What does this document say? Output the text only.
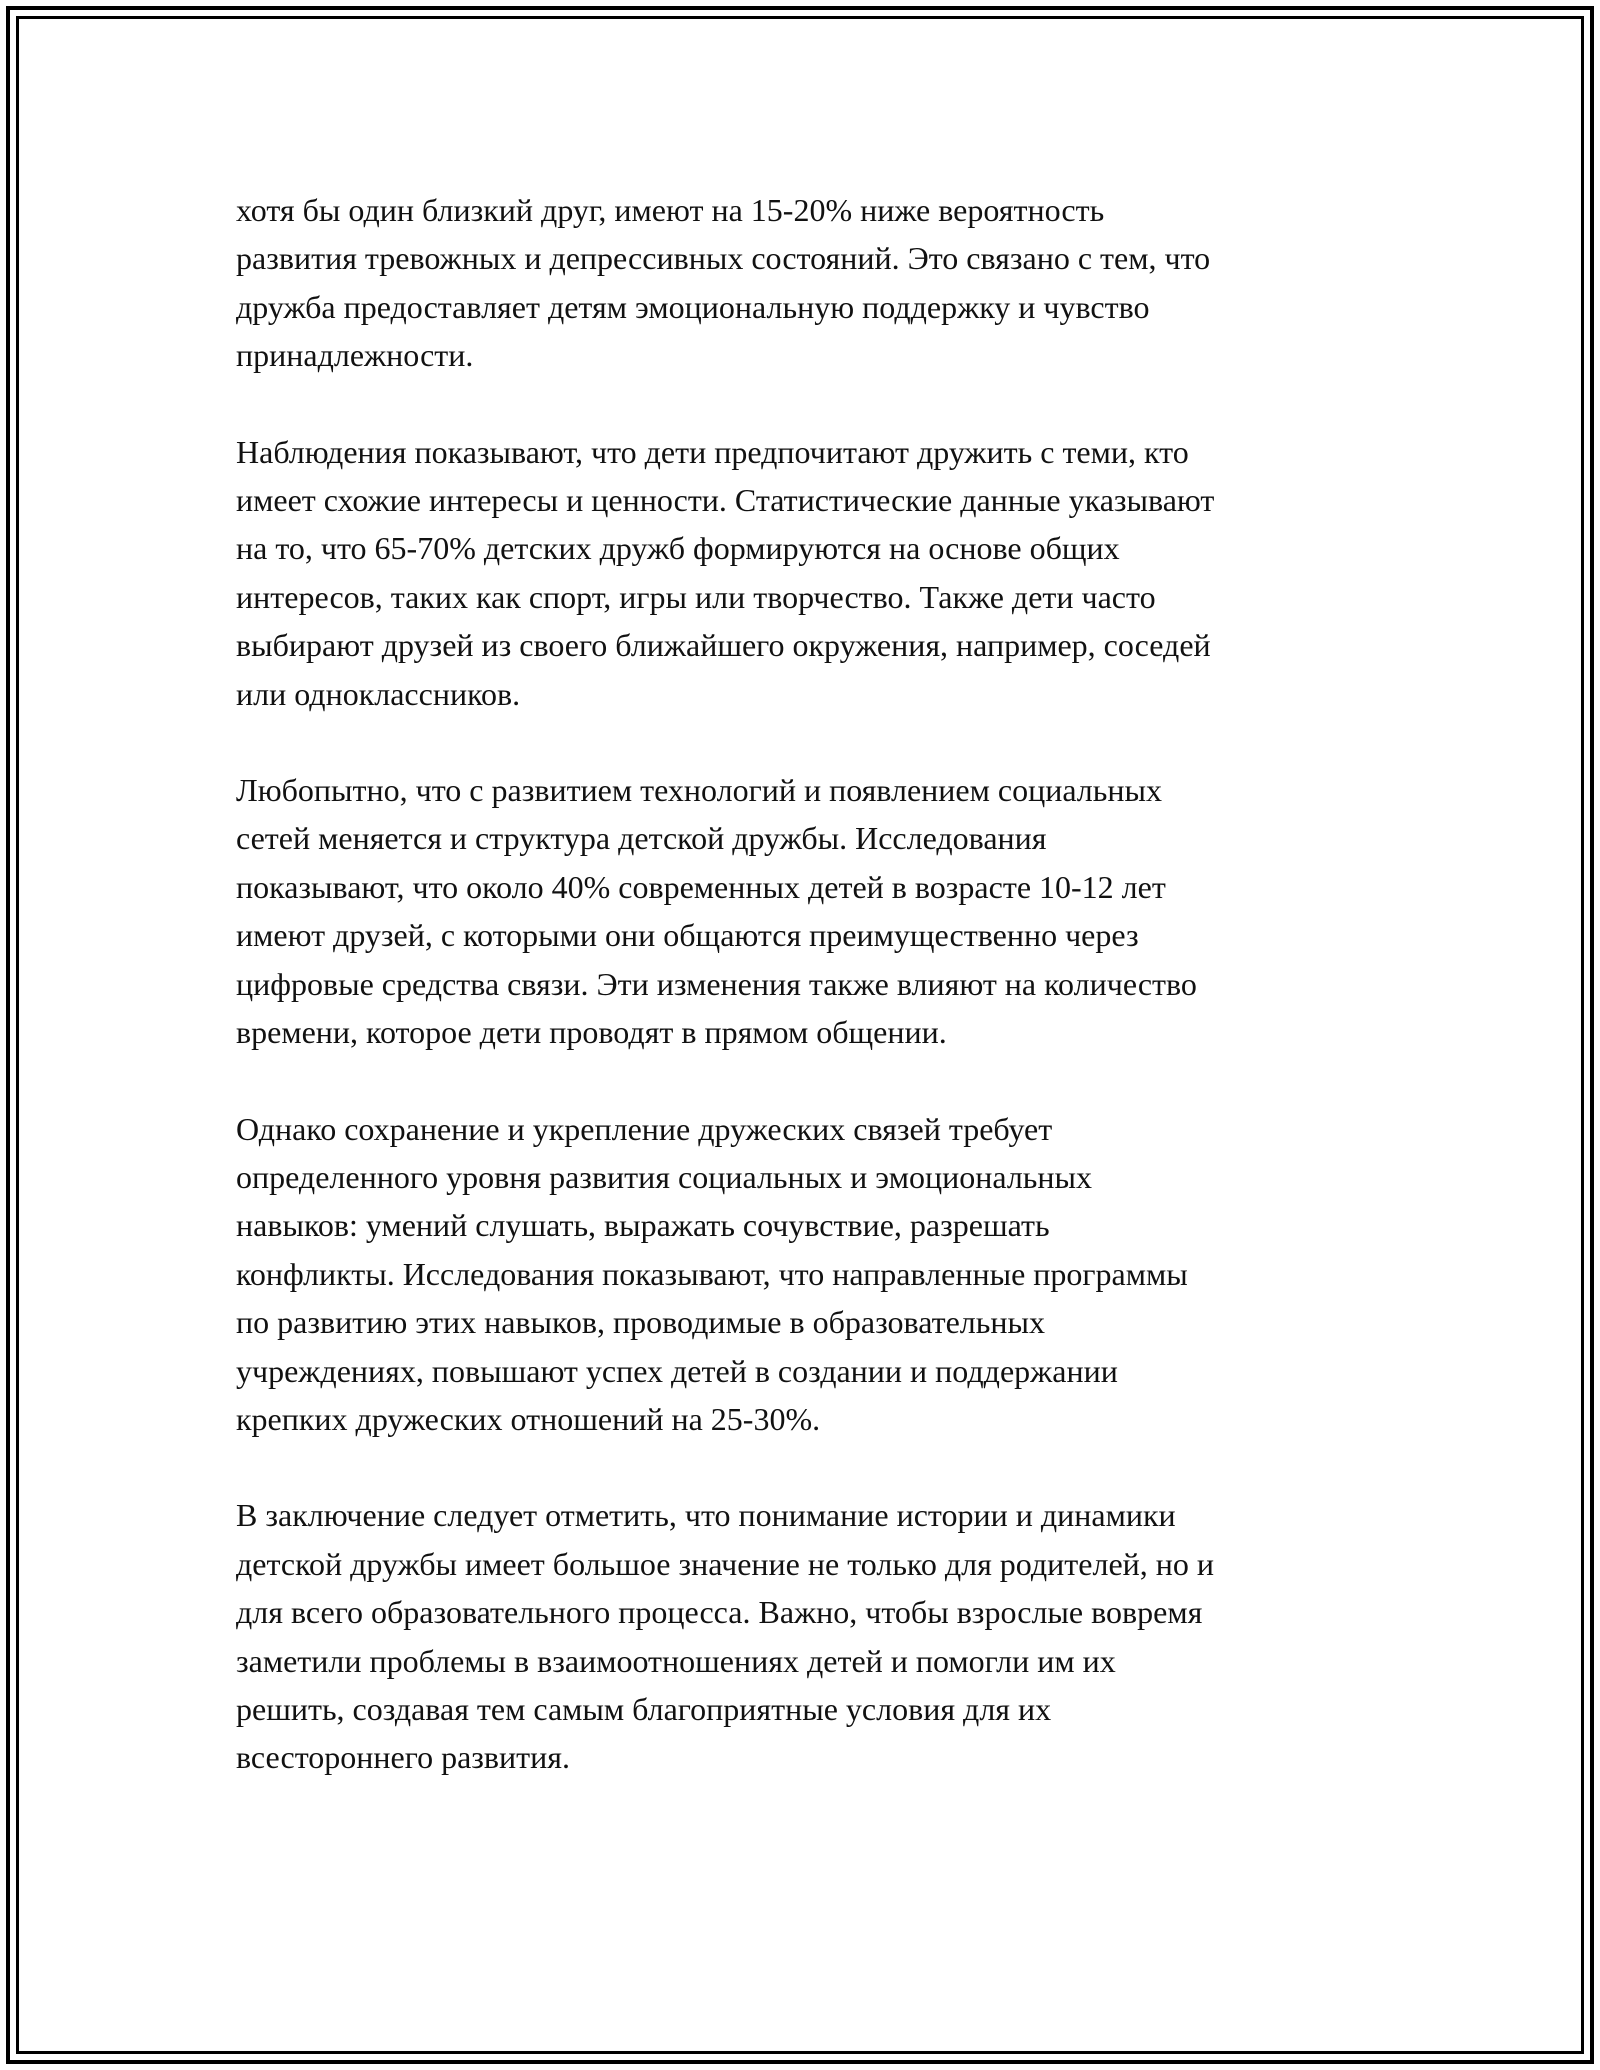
хотя бы один близкий друг, имеют на 15-20% ниже вероятность
развития тревожных и депрессивных состояний. Это связано с тем, что
дружба предоставляет детям эмоциональную поддержку и чувство
принадлежности.

Наблюдения показывают, что дети предпочитают дружить с теми, кто
имеет схожие интересы и ценности. Статистические данные указывают
на то, что 65-70% детских дружб формируются на основе общих
интересов, таких как спорт, игры или творчество. Также дети часто
выбирают друзей из своего ближайшего окружения, например, соседей
или одноклассников.

Любопытно, что с развитием технологий и появлением социальных
сетей меняется и структура детской дружбы. Исследования
показывают, что около 40% современных детей в возрасте 10-12 лет
имеют друзей, с которыми они общаются преимущественно через
цифровые средства связи. Эти изменения также влияют на количество
времени, которое дети проводят в прямом общении.

Однако сохранение и укрепление дружеских связей требует
определенного уровня развития социальных и эмоциональных
навыков: умений слушать, выражать сочувствие, разрешать
конфликты. Исследования показывают, что направленные программы
по развитию этих навыков, проводимые в образовательных
учреждениях, повышают успех детей в создании и поддержании
крепких дружеских отношений на 25-30%.

В заключение следует отметить, что понимание истории и динамики
детской дружбы имеет большое значение не только для родителей, но и
для всего образовательного процесса. Важно, чтобы взрослые вовремя
заметили проблемы в взаимоотношениях детей и помогли им их
решить, создавая тем самым благоприятные условия для их
всестороннего развития.
